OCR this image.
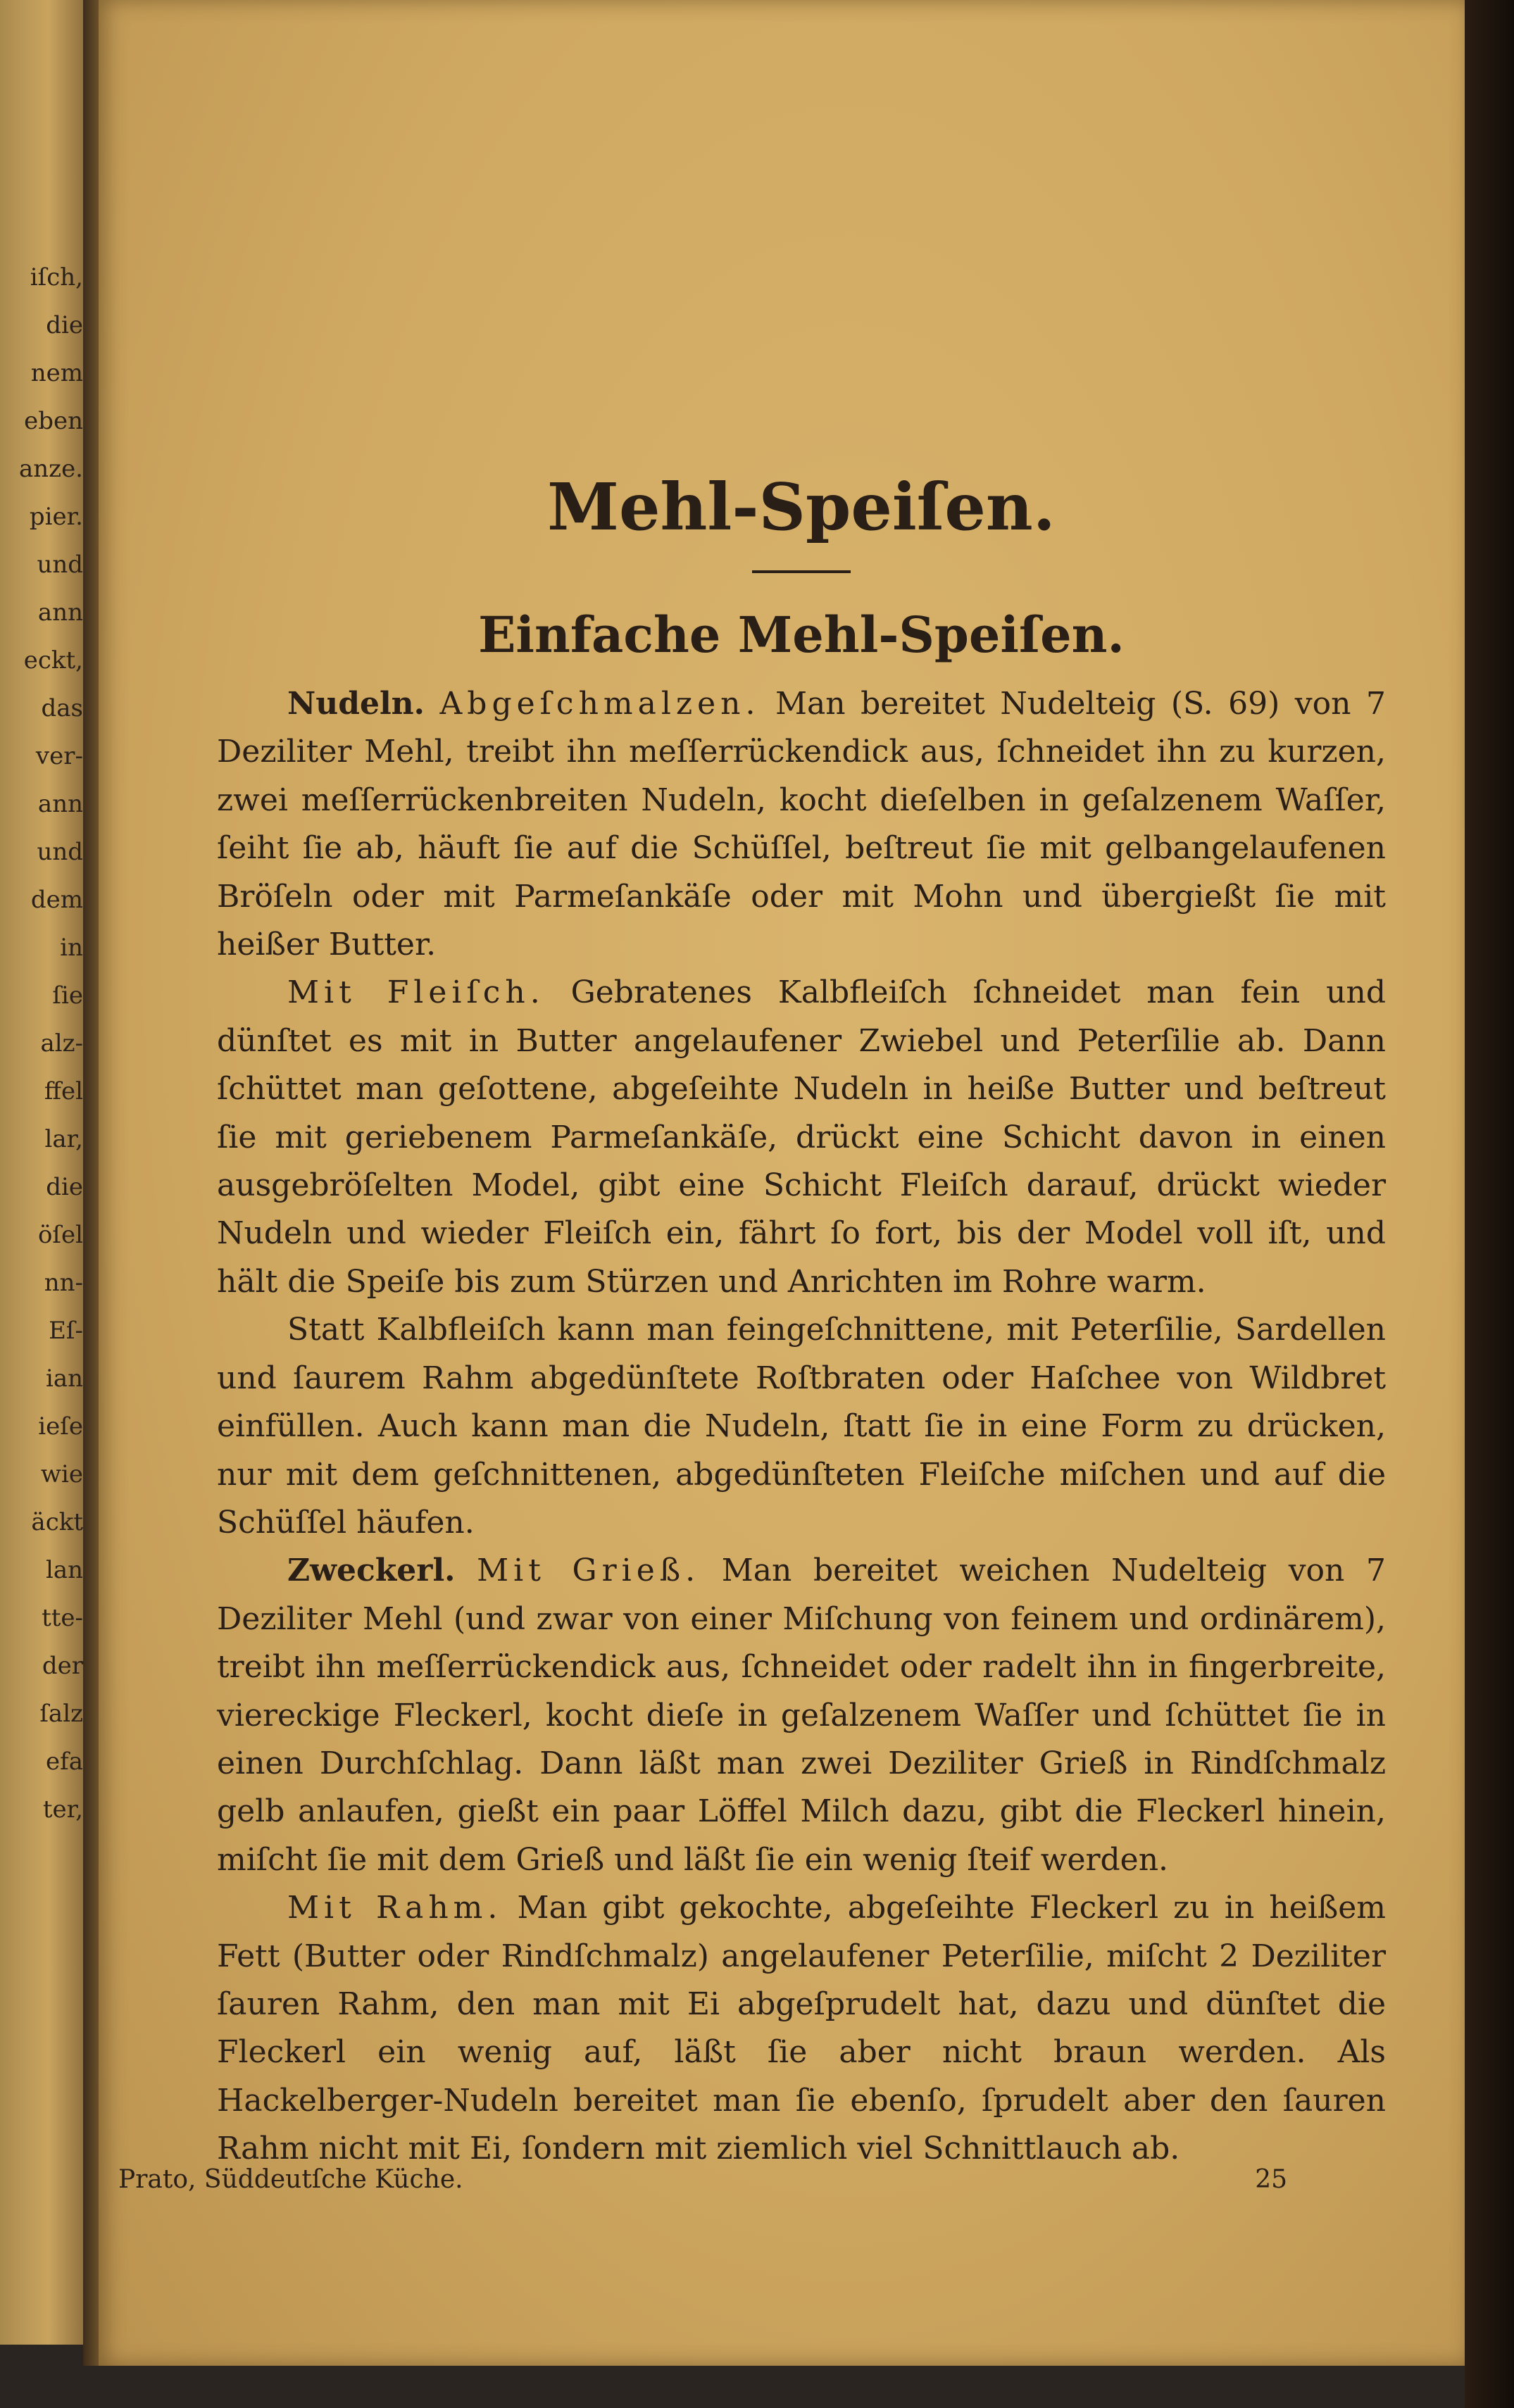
iſch,
die
nem
eben
anze.
pier.
und
ann
eckt,
das
ver-
ann
und
dem
in
ſie
alz-
ffel
lar,
die
öſel
nn-
Eſ-
ian
ieſe
wie
äckt
lan
tte-
der
ſalz
efa
ter,
Mehl-Speiſen.
Einfache Mehl-Speiſen.

Nudeln. Abgeſchmalzen. Man bereitet Nudelteig (S. 69) von 7 Deziliter Mehl, treibt ihn meſſerrückendick aus, ſchneidet ihn zu kurzen, zwei meſſerrückenbreiten Nudeln, kocht dieſelben in geſalzenem Waſſer, ſeiht ſie ab, häuft ſie auf die Schüſſel, beſtreut ſie mit gelbangelaufenen Bröſeln oder mit Parmeſankäſe oder mit Mohn und übergießt ſie mit heißer Butter.

Mit Fleiſch. Gebratenes Kalbfleiſch ſchneidet man fein und dünſtet es mit in Butter angelaufener Zwiebel und Peterſilie ab. Dann ſchüttet man geſottene, abgeſeihte Nudeln in heiße Butter und beſtreut ſie mit geriebenem Parmeſankäſe, drückt eine Schicht davon in einen ausgebröſelten Model, gibt eine Schicht Fleiſch darauf, drückt wieder Nudeln und wieder Fleiſch ein, fährt ſo fort, bis der Model voll iſt, und hält die Speiſe bis zum Stürzen und Anrichten im Rohre warm.

Statt Kalbfleiſch kann man feingeſchnittene, mit Peterſilie, Sardellen und ſaurem Rahm abgedünſtete Roſtbraten oder Haſchee von Wildbret einfüllen. Auch kann man die Nudeln, ſtatt ſie in eine Form zu drücken, nur mit dem geſchnittenen, abgedünſteten Fleiſche miſchen und auf die Schüſſel häufen.

Zweckerl. Mit Grieß. Man bereitet weichen Nudelteig von 7 Deziliter Mehl (und zwar von einer Miſchung von feinem und ordinärem), treibt ihn meſſerrückendick aus, ſchneidet oder radelt ihn in fingerbreite, viereckige Fleckerl, kocht dieſe in geſalzenem Waſſer und ſchüttet ſie in einen Durchſchlag. Dann läßt man zwei Deziliter Grieß in Rindſchmalz gelb anlaufen, gießt ein paar Löffel Milch dazu, gibt die Fleckerl hinein, miſcht ſie mit dem Grieß und läßt ſie ein wenig ſteif werden.

Mit Rahm. Man gibt gekochte, abgeſeihte Fleckerl zu in heißem Fett (Butter oder Rindſchmalz) angelaufener Peterſilie, miſcht 2 Deziliter ſauren Rahm, den man mit Ei abgeſprudelt hat, dazu und dünſtet die Fleckerl ein wenig auf, läßt ſie aber nicht braun werden. Als Hackelberger-Nudeln bereitet man ſie ebenſo, ſprudelt aber den ſauren Rahm nicht mit Ei, ſondern mit ziemlich viel Schnittlauch ab.

Prato, Süddeutſche Küche.	25
